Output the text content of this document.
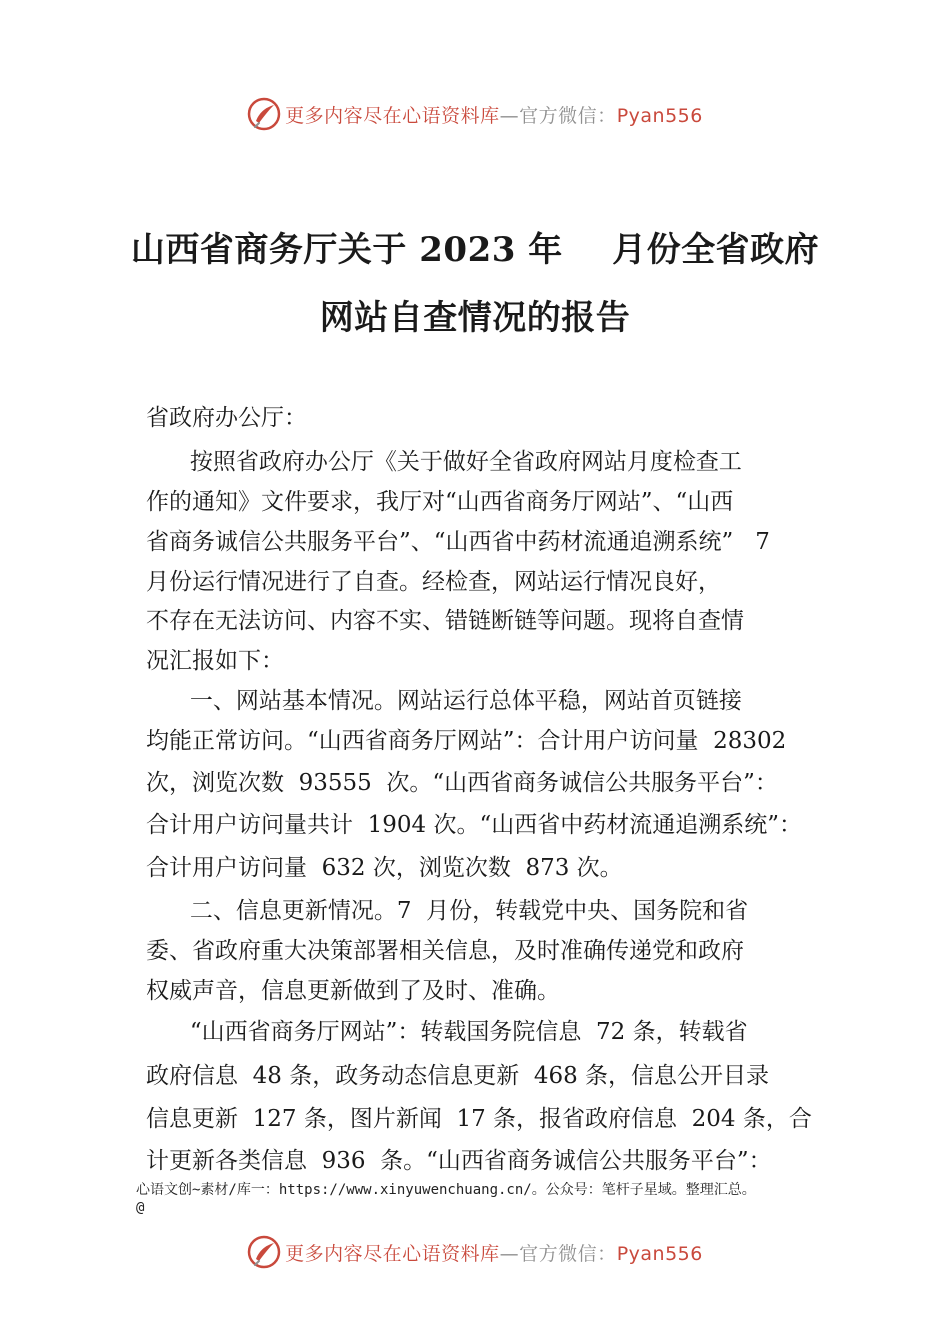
更多内容尽在心语资料库—官方微信：Pyan556
山西省商务厅关于 2023 年    月份全省政府
网站自查情况的报告
省政府办公厅：
按照省政府办公厅《关于做好全省政府网站月度检查工
作的通知》文件要求，我厅对“山西省商务厅网站”、“山西
省商务诚信公共服务平台”、“山西省中药材流通追溯系统”   7
月份运行情况进行了自查。经检查，网站运行情况良好，
不存在无法访问、内容不实、错链断链等问题。现将自查情
况汇报如下：
一、网站基本情况。网站运行总体平稳，网站首页链接
均能正常访问。“山西省商务厅网站”：合计用户访问量  28302
次，浏览次数  93555  次。“山西省商务诚信公共服务平台”：
合计用户访问量共计  1904 次。“山西省中药材流通追溯系统”：
合计用户访问量  632 次，浏览次数  873 次。
二、信息更新情况。7  月份，转载党中央、国务院和省
委、省政府重大决策部署相关信息，及时准确传递党和政府
权威声音，信息更新做到了及时、准确。
“山西省商务厅网站”：转载国务院信息  72 条，转载省
政府信息  48 条，政务动态信息更新  468 条，信息公开目录
信息更新  127 条，图片新闻  17 条，报省政府信息  204 条，合
计更新各类信息  936  条。“山西省商务诚信公共服务平台”：
心语文创~素材/库一：https://www.xinyuwenchuang.cn/。公众号：笔杆子星域。整理汇总。
@
更多内容尽在心语资料库—官方微信：Pyan556
